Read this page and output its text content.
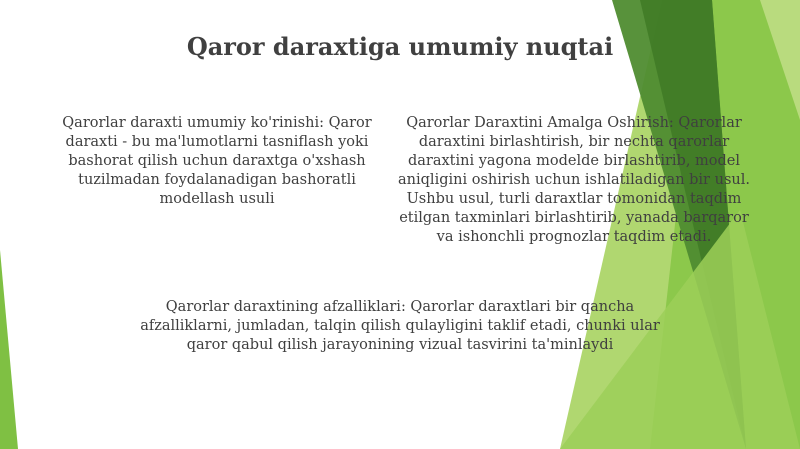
Qaror daraxtiga umumiy nuqtai
Qarorlar daraxti umumiy ko'rinishi: Qaror daraxti - bu ma'lumotlarni tasniflash yoki bashorat qilish uchun daraxtga o'xshash tuzilmadan foydalanadigan bashoratli modellash usuli
Qarorlar Daraxtini Amalga Oshirish: Qarorlar daraxtini birlashtirish, bir nechta qarorlar daraxtini yagona modelde birlashtirib, model aniqligini oshirish uchun ishlatiladigan bir usul. Ushbu usul, turli daraxtlar tomonidan taqdim etilgan taxminlari birlashtirib, yanada barqaror va ishonchli prognozlar taqdim etadi.
Qarorlar daraxtining afzalliklari: Qarorlar daraxtlari bir qancha afzalliklarni, jumladan, talqin qilish qulayligini taklif etadi, chunki ular qaror qabul qilish jarayonining vizual tasvirini ta'minlaydi
